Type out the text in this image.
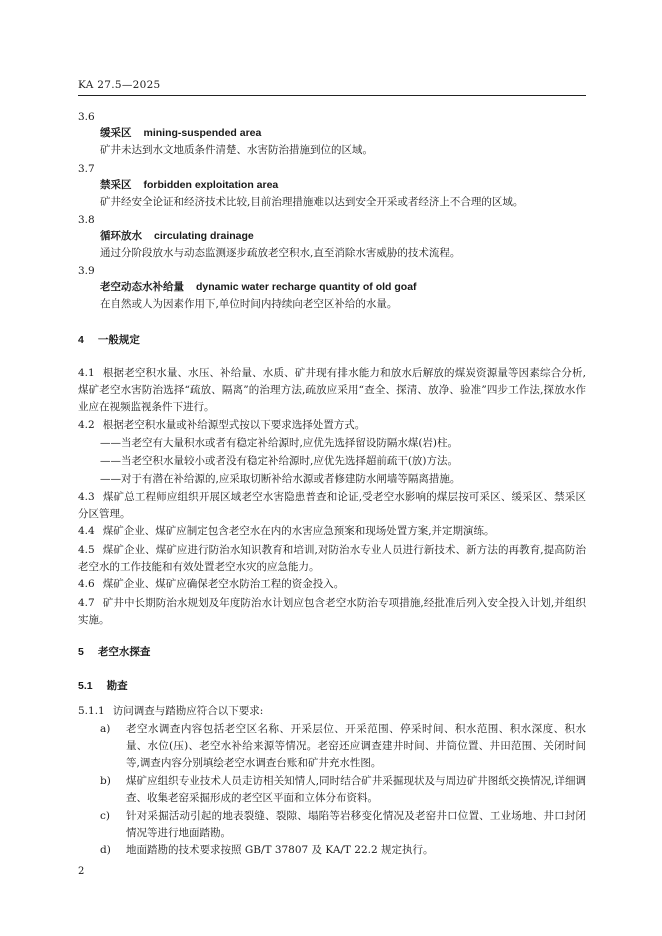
KA 27.5—2025
3.6
缓采区 mining-suspended area
矿井未达到水文地质条件清楚、水害防治措施到位的区域。
3.7
禁采区 forbidden exploitation area
矿井经安全论证和经济技术比较,目前治理措施难以达到安全开采或者经济上不合理的区域。
3.8
循环放水 circulating drainage
通过分阶段放水与动态监测逐步疏放老空积水,直至消除水害威胁的技术流程。
3.9
老空动态水补给量 dynamic water recharge quantity of old goaf
在自然或人为因素作用下,单位时间内持续向老空区补给的水量。
4 一般规定
4.1 根据老空积水量、水压、补给量、水质、矿井现有排水能力和放水后解放的煤炭资源量等因素综合分析,煤矿老空水害防治选择“疏放、隔离”的治理方法,疏放应采用“查全、探清、放净、验准”四步工作法,探放水作业应在视频监视条件下进行。
4.2 根据老空积水量或补给源型式按以下要求选择处置方式。
——当老空有大量积水或者有稳定补给源时,应优先选择留设防隔水煤(岩)柱。
——当老空积水量较小或者没有稳定补给源时,应优先选择超前疏干(放)方法。
——对于有潜在补给源的,应采取切断补给水源或者修建防水闸墙等隔离措施。
4.3 煤矿总工程师应组织开展区域老空水害隐患普查和论证,受老空水影响的煤层按可采区、缓采区、禁采区分区管理。
4.4 煤矿企业、煤矿应制定包含老空水在内的水害应急预案和现场处置方案,并定期演练。
4.5 煤矿企业、煤矿应进行防治水知识教育和培训,对防治水专业人员进行新技术、新方法的再教育,提高防治老空水的工作技能和有效处置老空水灾的应急能力。
4.6 煤矿企业、煤矿应确保老空水防治工程的资金投入。
4.7 矿井中长期防治水规划及年度防治水计划应包含老空水防治专项措施,经批准后列入安全投入计划,并组织实施。
5 老空水探查
5.1 勘查
5.1.1 访问调查与踏勘应符合以下要求:
a) 老空水调查内容包括老空区名称、开采层位、开采范围、停采时间、积水范围、积水深度、积水量、水位(压)、老空水补给来源等情况。老窑还应调查建井时间、井筒位置、井田范围、关闭时间等,调查内容分别填绘老空水调查台账和矿井充水性图。
b) 煤矿应组织专业技术人员走访相关知情人,同时结合矿井采掘现状及与周边矿井图纸交换情况,详细调查、收集老窑采掘形成的老空区平面和立体分布资料。
c) 针对采掘活动引起的地表裂缝、裂隙、塌陷等岩移变化情况及老窑井口位置、工业场地、井口封闭情况等进行地面踏勘。
d) 地面踏勘的技术要求按照 GB/T 37807 及 KA/T 22.2 规定执行。
2
